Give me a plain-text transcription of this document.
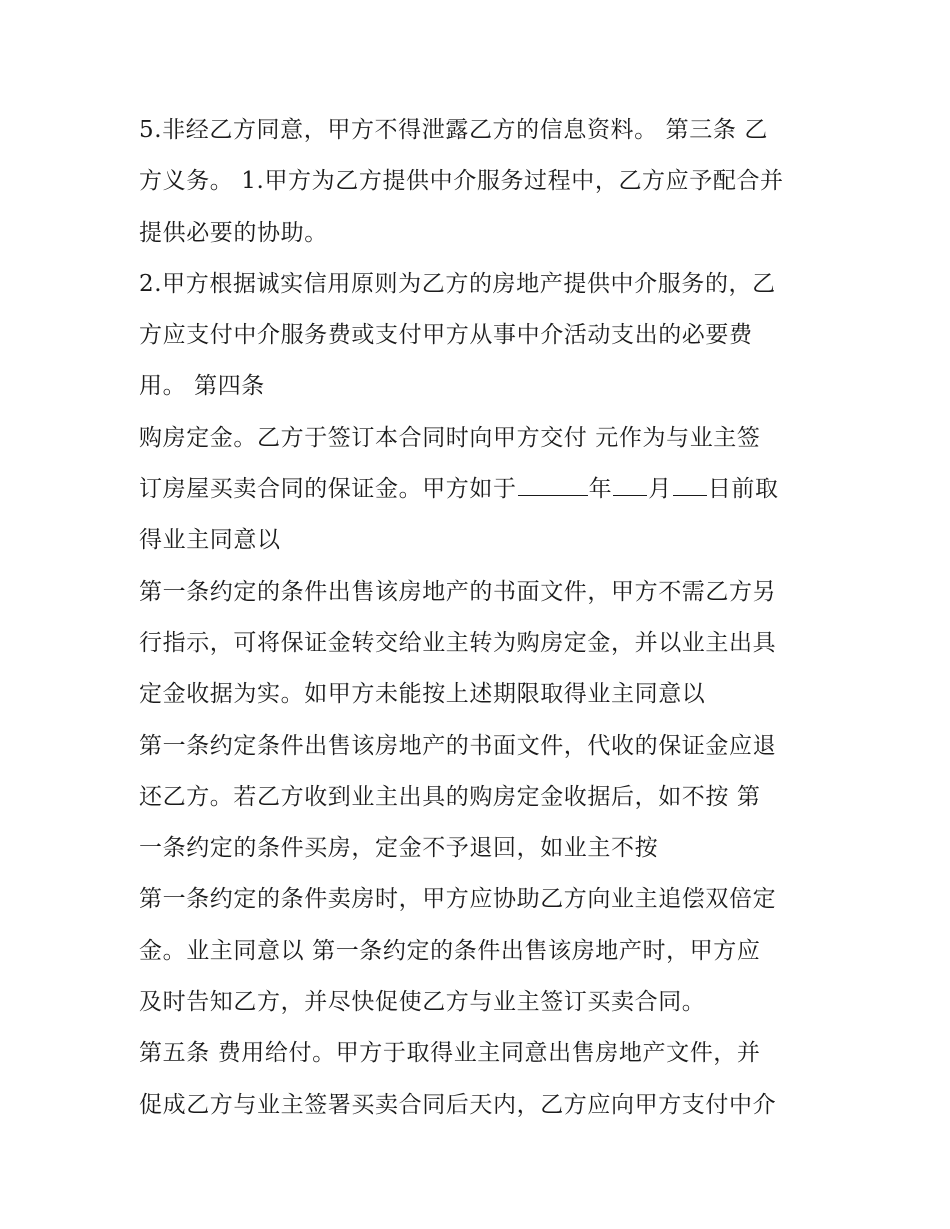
5.非经乙方同意，甲方不得泄露乙方的信息资料。 第三条 乙
方义务。 1.甲方为乙方提供中介服务过程中，乙方应予配合并
提供必要的协助。
2.甲方根据诚实信用原则为乙方的房地产提供中介服务的，乙
方应支付中介服务费或支付甲方从事中介活动支出的必要费
用。 第四条
购房定金。乙方于签订本合同时向甲方交付 元作为与业主签
订房屋买卖合同的保证金。甲方如于	年 月 日前取
得业主同意以
第一条约定的条件出售该房地产的书面文件，甲方不需乙方另
行指示，可将保证金转交给业主转为购房定金，并以业主出具
定金收据为实。如甲方未能按上述期限取得业主同意以
第一条约定条件出售该房地产的书面文件，代收的保证金应退
还乙方。若乙方收到业主出具的购房定金收据后，如不按 第
一条约定的条件买房，定金不予退回，如业主不按
第一条约定的条件卖房时，甲方应协助乙方向业主追偿双倍定
金。业主同意以 第一条约定的条件出售该房地产时，甲方应
及时告知乙方，并尽快促使乙方与业主签订买卖合同。
第五条 费用给付。甲方于取得业主同意出售房地产文件，并
促成乙方与业主签署买卖合同后天内，乙方应向甲方支付中介
